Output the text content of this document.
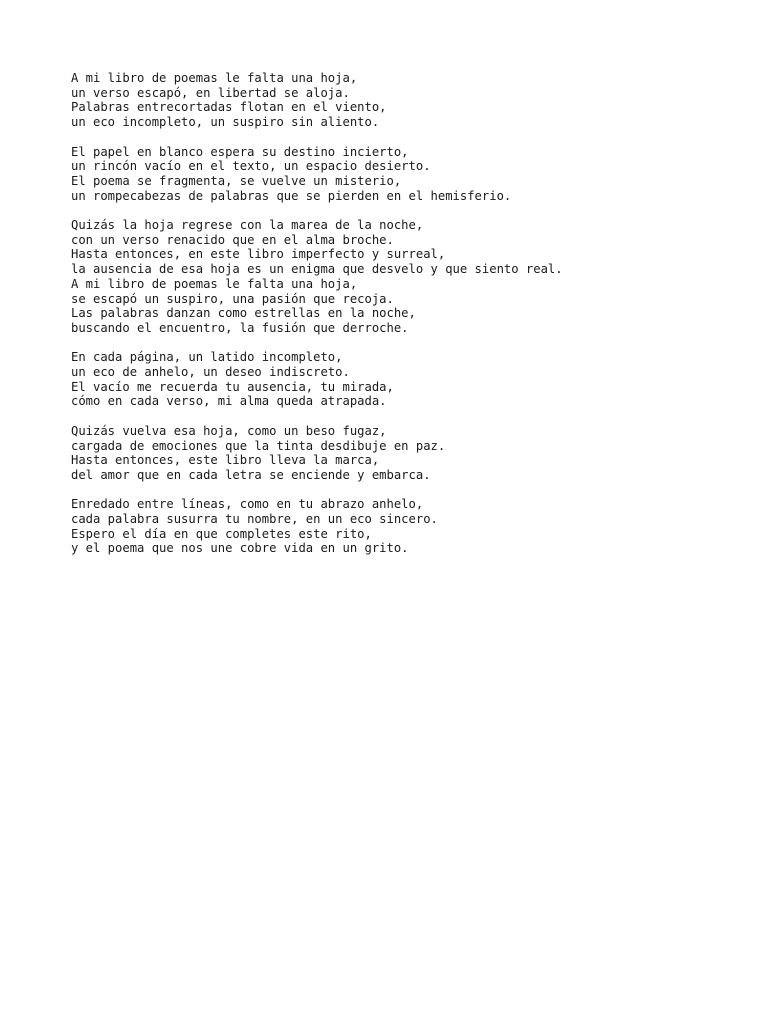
A mi libro de poemas le falta una hoja,
un verso escapó, en libertad se aloja.
Palabras entrecortadas flotan en el viento,
un eco incompleto, un suspiro sin aliento.
El papel en blanco espera su destino incierto,
un rincón vacío en el texto, un espacio desierto.
El poema se fragmenta, se vuelve un misterio,
un rompecabezas de palabras que se pierden en el hemisferio.
Quizás la hoja regrese con la marea de la noche,
con un verso renacido que en el alma broche.
Hasta entonces, en este libro imperfecto y surreal,
la ausencia de esa hoja es un enigma que desvelo y que siento real.
A mi libro de poemas le falta una hoja,
se escapó un suspiro, una pasión que recoja.
Las palabras danzan como estrellas en la noche,
buscando el encuentro, la fusión que derroche.
En cada página, un latido incompleto,
un eco de anhelo, un deseo indiscreto.
El vacío me recuerda tu ausencia, tu mirada,
cómo en cada verso, mi alma queda atrapada.
Quizás vuelva esa hoja, como un beso fugaz,
cargada de emociones que la tinta desdibuje en paz.
Hasta entonces, este libro lleva la marca,
del amor que en cada letra se enciende y embarca.
Enredado entre líneas, como en tu abrazo anhelo,
cada palabra susurra tu nombre, en un eco sincero.
Espero el día en que completes este rito,
y el poema que nos une cobre vida en un grito.
